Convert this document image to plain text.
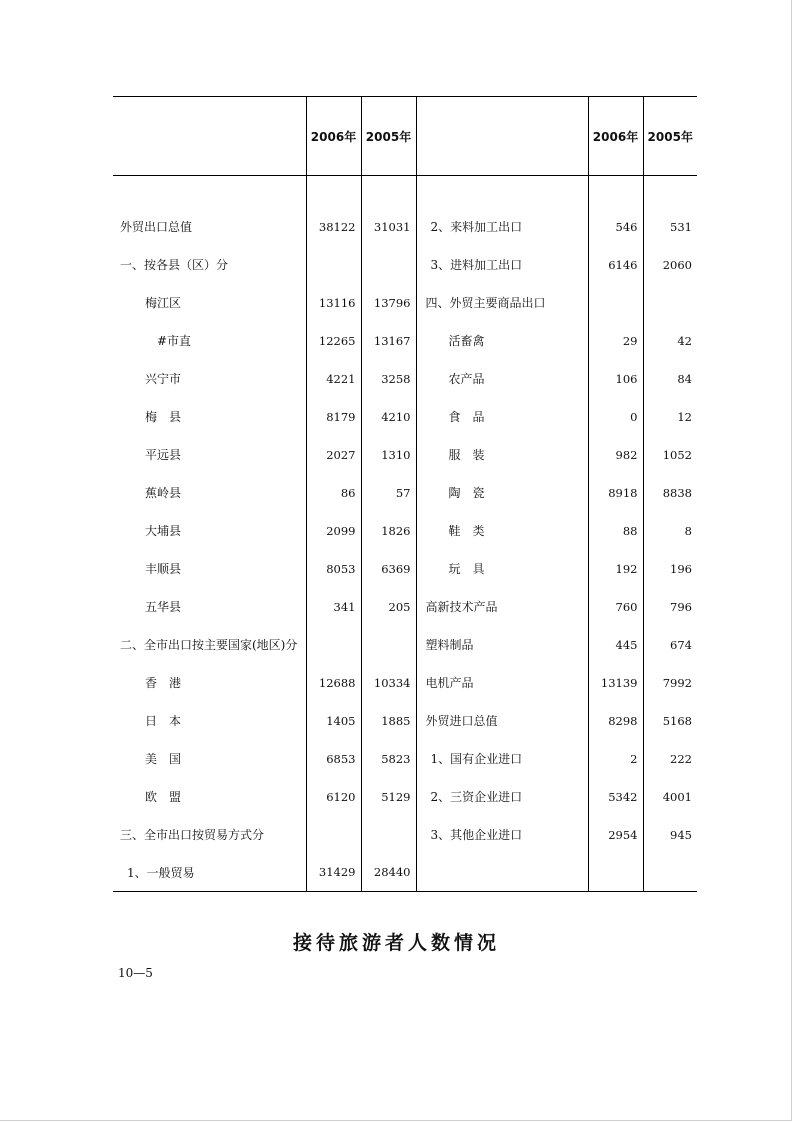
	2006年	2005年		2006年	2005年

外贸出口总值	38122	31031	2、来料加工出口	546	531
一、按各县（区）分			3、进料加工出口	6146	2060
梅江区	13116	13796	四、外贸主要商品出口		
#市直	12265	13167	活畜禽	29	42
兴宁市	4221	3258	农产品	106	84
梅　县	8179	4210	食　品	0	12
平远县	2027	1310	服　装	982	1052
蕉岭县	86	57	陶　瓷	8918	8838
大埔县	2099	1826	鞋　类	88	8
丰顺县	8053	6369	玩　具	192	196
五华县	341	205	高新技术产品	760	796
二、全市出口按主要国家(地区)分			塑料制品	445	674
香　港	12688	10334	电机产品	13139	7992
日　本	1405	1885	外贸进口总值	8298	5168
美　国	6853	5823	1、国有企业进口	2	222
欧　盟	6120	5129	2、三资企业进口	5342	4001
三、全市出口按贸易方式分			3、其他企业进口	2954	945
1、一般贸易	31429	28440			
接待旅游者人数情况
10—5
